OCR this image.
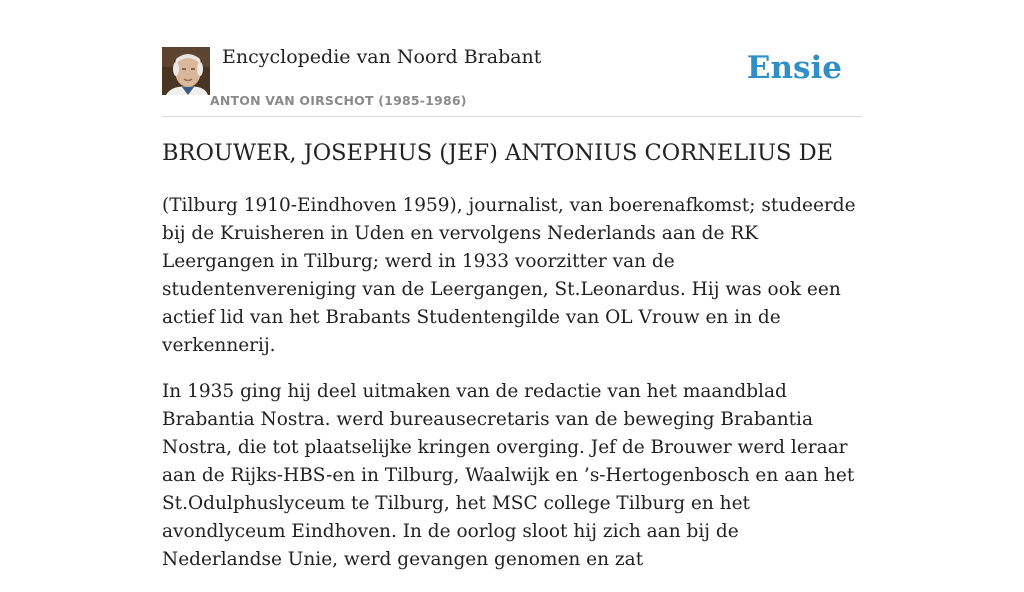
Encyclopedie van Noord Brabant
ANTON VAN OIRSCHOT (1985-1986)
Ensie
BROUWER, JOSEPHUS (JEF) ANTONIUS CORNELIUS DE

(Tilburg 1910-Eindhoven 1959), journalist, van boerenafkomst; studeerde bij de Kruisheren in Uden en vervolgens Nederlands aan de RK Leergangen in Tilburg; werd in 1933 voorzitter van de studentenvereniging van de Leergangen, St.Leonardus. Hij was ook een actief lid van het Brabants Studentengilde van OL Vrouw en in de verkennerij.

In 1935 ging hij deel uitmaken van de redactie van het maandblad Brabantia Nostra. werd bureausecretaris van de beweging Brabantia Nostra, die tot plaatselijke kringen overging. Jef de Brouwer werd leraar aan de Rijks-HBS-en in Tilburg, Waalwijk en ’s-Hertogenbosch en aan het St.Odulphuslyceum te Tilburg, het MSC college Tilburg en het avondlyceum Eindhoven. In de oorlog sloot hij zich aan bij de Nederlandse Unie, werd gevangen genomen en zat
